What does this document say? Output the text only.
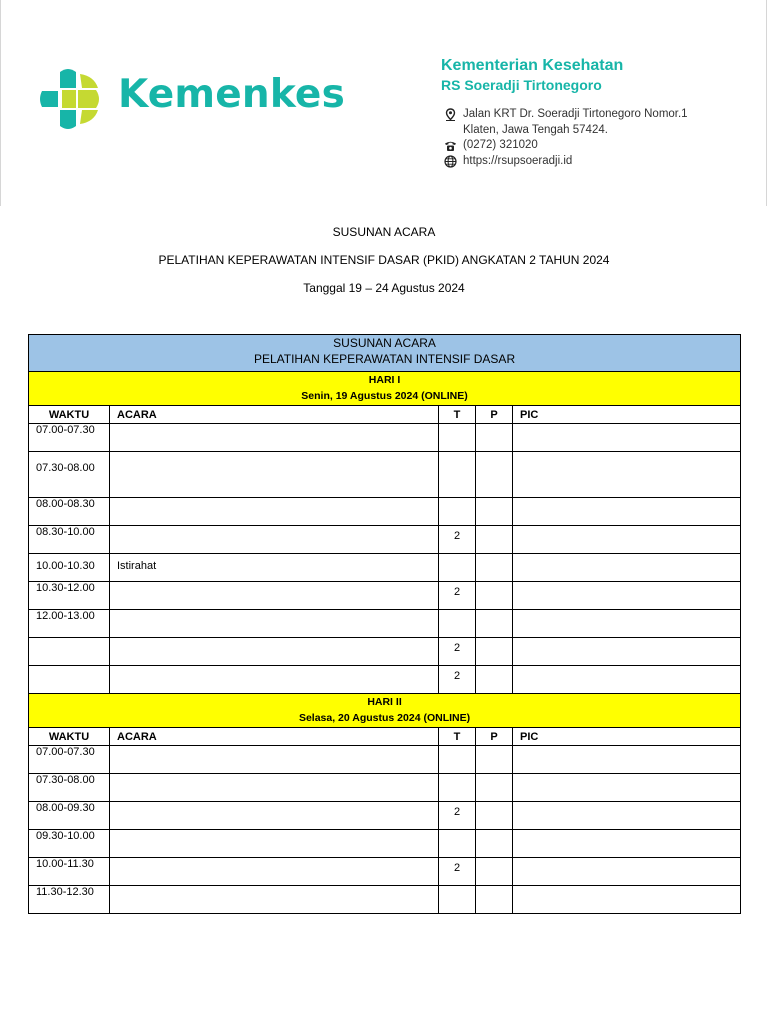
Kemenkes
Kementerian Kesehatan
RS Soeradji Tirtonegoro
Jalan KRT Dr. Soeradji Tirtonegoro Nomor.1
Klaten, Jawa Tengah 57424.
(0272) 321020
https://rsupsoeradji.id
SUSUNAN ACARA
PELATIHAN KEPERAWATAN INTENSIF DASAR (PKID) ANGKATAN 2 TAHUN 2024
Tanggal 19 – 24 Agustus 2024
SUSUNAN ACARA
PELATIHAN KEPERAWATAN INTENSIF DASAR				

HARI I
Senin, 19 Agustus 2024 (ONLINE)				

WAKTU	ACARA	T	P	PIC
07.00-07.30				
07.30-08.00				
08.00-08.30				
08.30-10.00		2		
10.00-10.30	Istirahat			
10.30-12.00		2		
12.00-13.00				
		2		
		2		

HARI II
Selasa, 20 Agustus 2024 (ONLINE)				

WAKTU	ACARA	T	P	PIC
07.00-07.30				
07.30-08.00				
08.00-09.30		2		
09.30-10.00				
10.00-11.30		2		
11.30-12.30				
